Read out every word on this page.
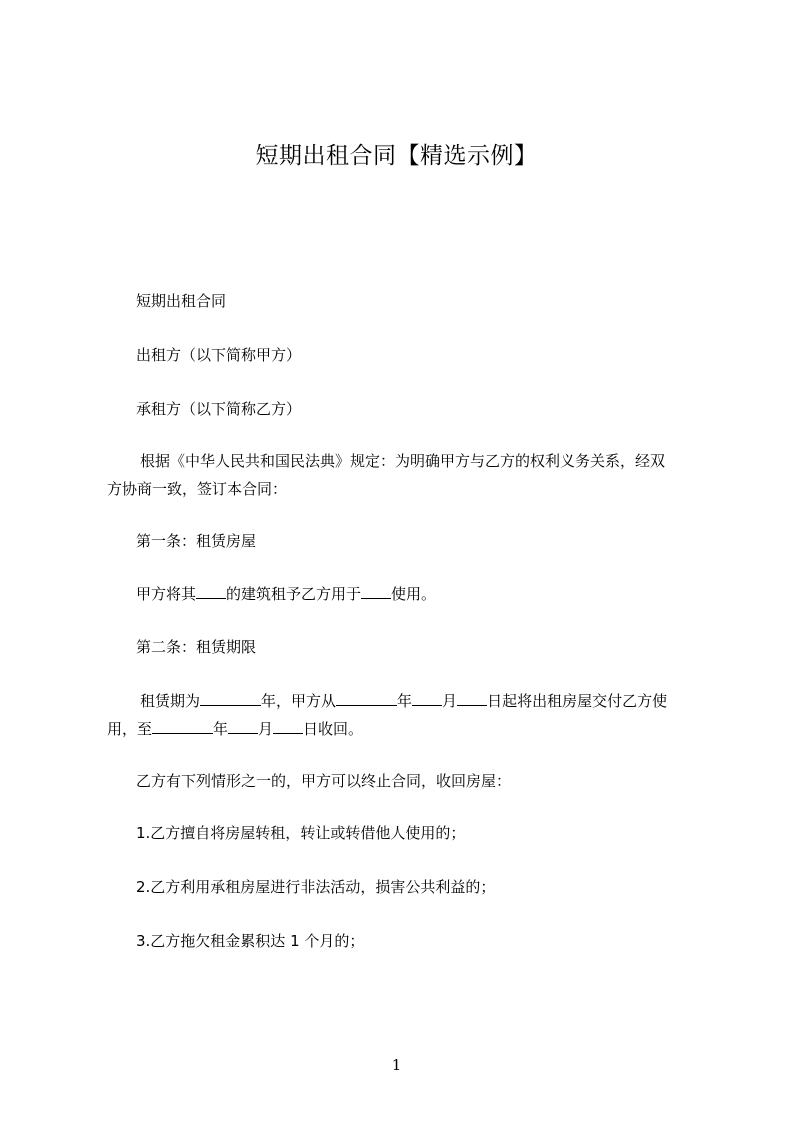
短期出租合同【精选示例】
短期出租合同
出租方（以下简称甲方）
承租方（以下简称乙方）
根据《中华人民共和国民法典》规定：为明确甲方与乙方的权利义务关系，经双
方协商一致，签订本合同：
第一条：租赁房屋
甲方将其 的建筑租予乙方用于 使用。
第二条：租赁期限
租赁期为	年，甲方从	年 月 日起将出租房屋交付乙方使
用，至	年 月 日收回。
乙方有下列情形之一的，甲方可以终止合同，收回房屋：
1.乙方擅自将房屋转租，转让或转借他人使用的；
2.乙方利用承租房屋进行非法活动，损害公共利益的；
3.乙方拖欠租金累积达 1 个月的；
1
